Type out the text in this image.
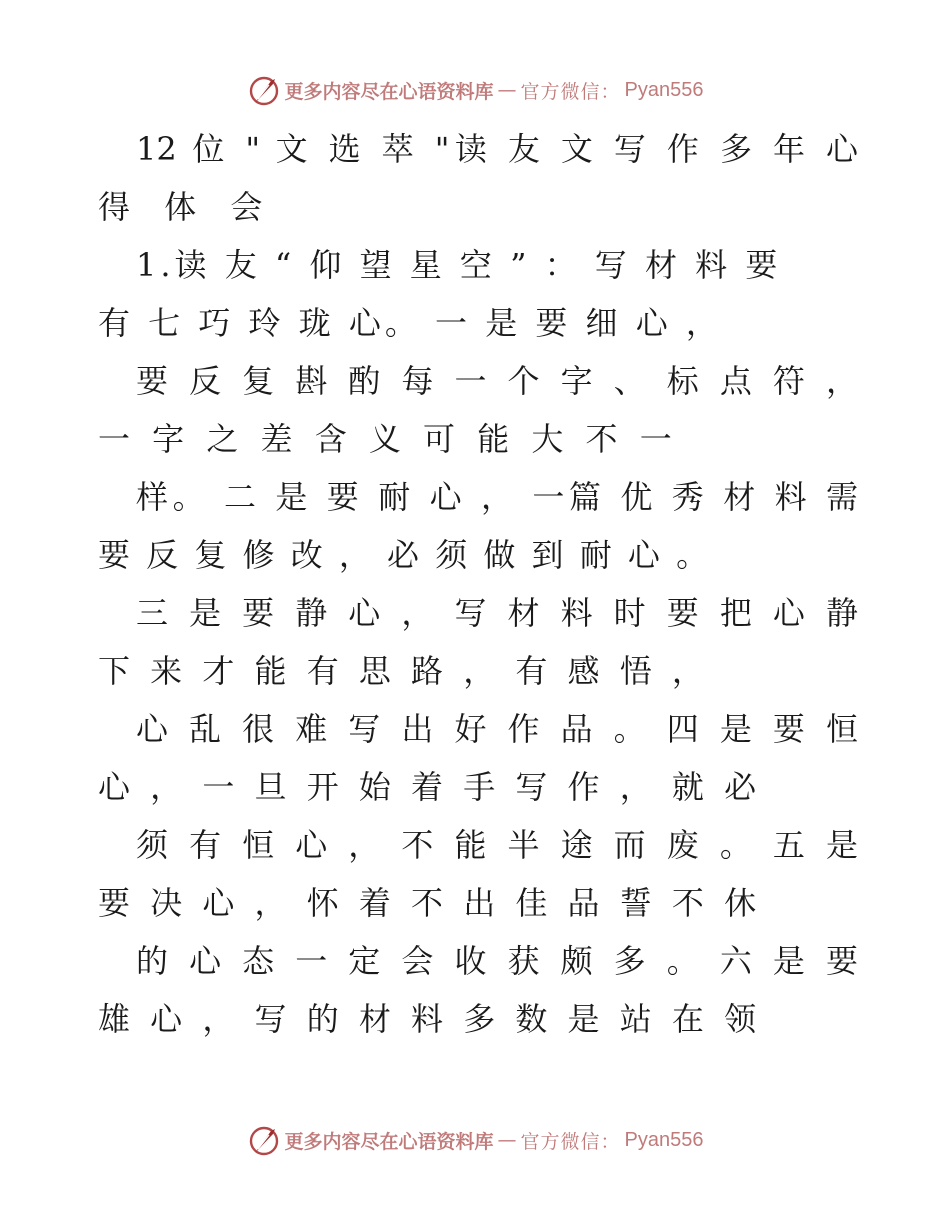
更多内容尽在心语资料库 — 官方微信： Pyan556
12 位 " 文 选 萃 "读 友 文 写 作 多 年 心
得 体 会
1.读 友 “ 仰 望 星 空 ” ： 写 材 料 要
有 七 巧 玲 珑 心。 一 是 要 细 心 ，
要 反 复 斟 酌 每 一 个 字 、 标 点 符 ，
一 字 之 差 含 义 可 能 大 不 一
样。 二 是 要 耐 心 ， 一篇 优 秀 材 料 需
要 反 复 修 改 ， 必 须 做 到 耐 心 。
三 是 要 静 心 ， 写 材 料 时 要 把 心 静
下 来 才 能 有 思 路 ， 有 感 悟 ，
心 乱 很 难 写 出 好 作 品 。 四 是 要 恒
心 ， 一 旦 开 始 着 手 写 作 ， 就 必
须 有 恒 心 ， 不 能 半 途 而 废 。 五 是
要 决 心 ， 怀 着 不 出 佳 品 誓 不 休
的 心 态 一 定 会 收 获 颇 多 。 六 是 要
雄 心 ， 写 的 材 料 多 数 是 站 在 领
更多内容尽在心语资料库 — 官方微信： Pyan556
